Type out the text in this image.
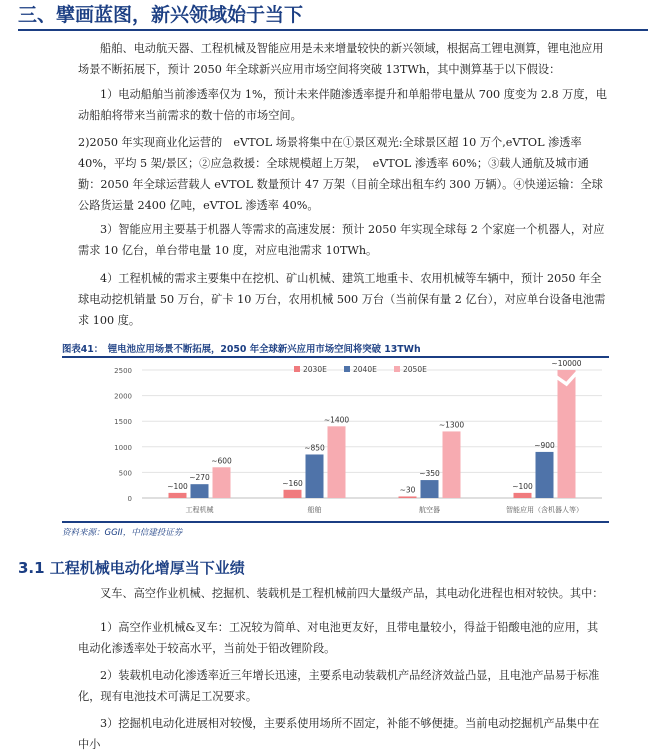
三、擘画蓝图，新兴领域始于当下
船舶、电动航天器、工程机械及智能应用是未来增量较快的新兴领域，根据高工锂电测算，锂电池应用场景不断拓展下，预计 2050 年全球新兴应用市场空间将突破 13TWh，其中测算基于以下假设：
1）电动船舶当前渗透率仅为 1%，预计未来伴随渗透率提升和单船带电量从 700 度变为 2.8 万度，电动船舶将带来当前需求的数十倍的市场空间。
2)2050 年实现商业化运营的　eVTOL 场景将集中在①景区观光:全球景区超 10 万个,eVTOL 渗透率 40%，平均 5 架/景区；②应急救援：全球规模超上万架，　eVTOL 渗透率 60%；③载人通航及城市通勤：2050 年全球运营载人 eVTOL 数量预计 47 万架（目前全球出租车约 300 万辆）。④快递运输：全球公路货运量 2400 亿吨，eVTOL 渗透率 40%。
3）智能应用主要基于机器人等需求的高速发展：预计 2050 年实现全球每 2 个家庭一个机器人，对应需求 10 亿台，单台带电量 10 度，对应电池需求 10TWh。
4）工程机械的需求主要集中在挖机、矿山机械、建筑工地重卡、农用机械等车辆中，预计 2050 年全球电动挖机销量 50 万台，矿卡 10 万台，农用机械 500 万台（当前保有量 2 亿台），对应单台设备电池需求 100 度。
图表41：　锂电池应用场景不断拓展，2050 年全球新兴应用市场空间将突破 13TWh
0
500
1000
1500
2000
2500	2030E	2040E	2050E
~100
~270
~600
~160
~850
~1400
~30
~350
~1300
~100
~900
~10000
工程机械	船舶	航空器	智能应用（含机器人等）
资料来源：GGII，中信建投证券
3.1 工程机械电动化增厚当下业绩
叉车、高空作业机械、挖掘机、装载机是工程机械前四大量级产品，其电动化进程也相对较快。其中：
1）高空作业机械&叉车：工况较为简单、对电池更友好，且带电量较小，得益于铅酸电池的应用，其电动化渗透率处于较高水平，当前处于铅改锂阶段。
2）装载机电动化渗透率近三年增长迅速，主要系电动装载机产品经济效益凸显，且电池产品易于标准化，现有电池技术可满足工况要求。
3）挖掘机电动化进展相对较慢，主要系使用场所不固定，补能不够便捷。当前电动挖掘机产品集中在中小
